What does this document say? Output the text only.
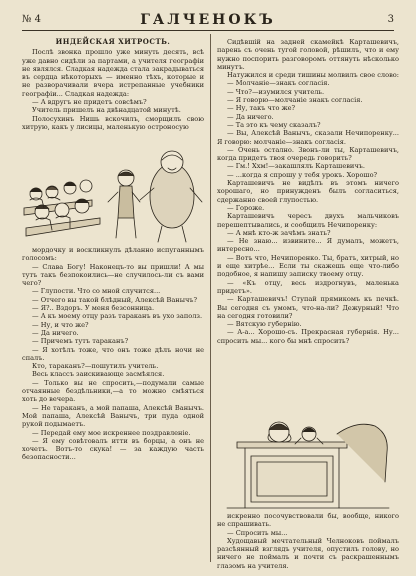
№ 4	ГАЛЧЕНОКЪ	3

ИНДЕЙСКАЯ ХИТРОСТЬ.

Послѣ звонка прошло уже минуть десять, всѣ уже давно сидѣли за партами, а учителя географіи не являлся. Сладкая надежда стала закрадываться въ сердца нѣкоторыхъ — именно тѣхъ, которые и не разворачивали вчера истрепанные учебники географіи... Сладкая надежда:

— А вдругъ не придетъ совсѣмъ?

Учитель пришелъ на двѣнадцатой минутѣ.

Полосухинъ Нишь вскочилъ, сморщилъ свою хитрую, какъ у лисицы, маленькую остроносую

мордочку и воскликнулъ дѣланно испуганнымъ голосомъ:

— Слава Богу! Наконецъ-то вы пришли! А мы тутъ такъ безпокоились—не случилось-ли съ вами чего?

— Глупости. Что со мной случится...

— Отчего вы такой блѣдный, Алексѣй Ванычъ?

— Я?.. Вздоръ. У меня безсонница.

— А къ моему отцу разъ тараканъ въ ухо заполз.

— Ну, и что же?

— Да ничего.

— Причемъ тутъ тараканъ?

— Я хотѣлъ тоже, что онъ тоже дѣлъ ночи не спалъ.

Кто, тараканъ?—пошутилъ учитель.

Весь классъ заискивающе засмѣялся.

— Только вы не спросить,—подумали самые отчаянные бездѣльники,—а то можно смѣяться хоть до вечера.

— Не тараканъ, а мой папаша, Алексѣй Ванычъ. Мой папаша, Алексѣй Ванычъ, три пуда одной рукой подымаетъ.

— Передай ему мое искреннее поздравленіе.

— Я ему совѣтовалъ итти въ борцы, а онъ не хочетъ. Вотъ-то скука! — за каждую часть безопасности...

Сидѣвшій на задней скамейкѣ Карташевичъ, парень съ очень тугой головой, рѣшилъ, что и ему нужно поспорить разговоромъ оттянуть нѣсколько минутъ.

Натужился и среди тишины молвилъ свое слово:

— Молчаніе—знакъ согласія.

— Что?—изумился учитель.

— Я говорю—молчаніе знакъ согласія.

— Ну, такъ что же?

— Да ничего.

— Та это къ чему сказалъ?

— Вы, Алексѣй Ванычъ, сказали Нечипоренку... Я говорю: молчаніе—знакъ согласія.

— Очень остално. Звонъ-ли ты, Карташевичъ, когда придетъ твоя очередь говорить?

— Гм.! Ххм!—закашлялъ Карташевичъ.

— ...когда я спрошу у тебя урокъ. Хорошо?

Карташевичъ не видѣлъ въ этомъ ничего хорошаго, но принужденъ былъ согласиться, сдержанно своей глупостью.

— Гороже.

Карташевичъ чересъ двухъ мальчиковъ перешептывались, и сообщилъ Нечипоренку:

— А мнѣ кто-ж зачѣмъ знать?

— Не знаю... извините... Я думалъ, можетъ, интересно...

— Вотъ что, Нечипоренко. Ты, братъ, хитрый, но и еще хитрѣе... Если ты скажешь еще что-либо подобное, я напишу записку твоему отцу.

— «Къ отцу, весь издрогнувъ, маленька придетъ».

— Карташевичъ! Ступай прямикомъ къ печкѣ. Вы сегодня съ умомъ, что-на-ли? Дежурный! Что на сегодня готовили?

— Вятскую губернію.

— А-а... Хорошо-съ. Прекрасная губернія. Ну... спросить мы... кого бы мнѣ спросить?

искренно посочувствовали бы, вообще, никого не спрашивать.

— Спросить мы...

Худощавый мечтательный Челноковъ поймалъ разсѣянный взглядъ учителя, опустилъ голову, но ничего не поймалъ и почти съ раскрашеннымъ глазомъ на учителя.
